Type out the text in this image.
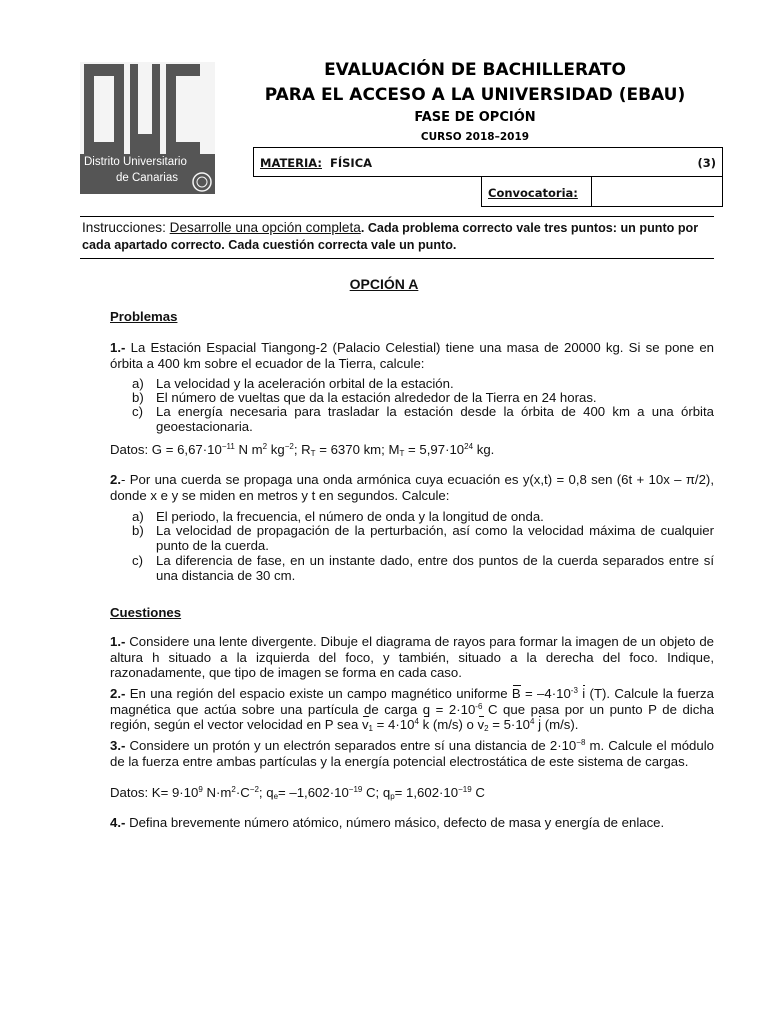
Distrito Universitario
de Canarias
EVALUACIÓN DE BACHILLERATO
PARA EL ACCESO A LA UNIVERSIDAD (EBAU)
FASE DE OPCIÓN
CURSO 2018–2019
MATERIA: FÍSICA	(3)
Convocatoria:
Instrucciones: Desarrolle una opción completa. Cada problema correcto vale tres puntos: un punto por cada apartado correcto. Cada cuestión correcta vale un punto.
OPCIÓN A
Problemas
1.- La Estación Espacial Tiangong-2 (Palacio Celestial) tiene una masa de 20000 kg. Si se pone en órbita a 400 km sobre el ecuador de la Tierra, calcule:
a) La velocidad y la aceleración orbital de la estación.
b) El número de vueltas que da la estación alrededor de la Tierra en 24 horas.
c) La energía necesaria para trasladar la estación desde la órbita de 400 km a una órbita geoestacionaria.
Datos: $G = 6,67\cdot 10^{-11}$ N $m^2$ $kg^{-2}$; $R_T = 6370$ km; $M_T = 5,97\cdot 10^{24}$ kg.
2.- Por una cuerda se propaga una onda armónica cuya ecuación es y(x,t) = 0,8 sen (6t + 10x – π/2), donde x e y se miden en metros y t en segundos. Calcule:
a) El periodo, la frecuencia, el número de onda y la longitud de onda.
b) La velocidad de propagación de la perturbación, así como la velocidad máxima de cualquier punto de la cuerda.
c) La diferencia de fase, en un instante dado, entre dos puntos de la cuerda separados entre sí una distancia de 30 cm.
Cuestiones
1.- Considere una lente divergente. Dibuje el diagrama de rayos para formar la imagen de un objeto de altura h situado a la izquierda del foco, y también, situado a la derecha del foco. Indique, razonadamente, que tipo de imagen se forma en cada caso.
2.- En una región del espacio existe un campo magnético uniforme $B = -4\cdot 10^{-3}$ i (T). Calcule la fuerza magnética que actúa sobre una partícula de carga $q = 2\cdot 10^{-6}$ C que pasa por un punto P de dicha región, según el vector velocidad en P sea $v_1 = 4\cdot 10^4$ k (m/s) o $v_2 = 5\cdot 10^4$ j (m/s).
3.- Considere un protón y un electrón separados entre sí una distancia de $2\cdot 10^{-8}$ m. Calcule el módulo de la fuerza entre ambas partículas y la energía potencial electrostática de este sistema de cargas.
Datos: $K= 9\cdot 10^9$ $N\cdot m^2\cdot C^{-2}$; $q_e= -1,602\cdot 10^{-19}$ C; $q_p= 1,602\cdot 10^{-19}$ C
4.- Defina brevemente número atómico, número másico, defecto de masa y energía de enlace.
